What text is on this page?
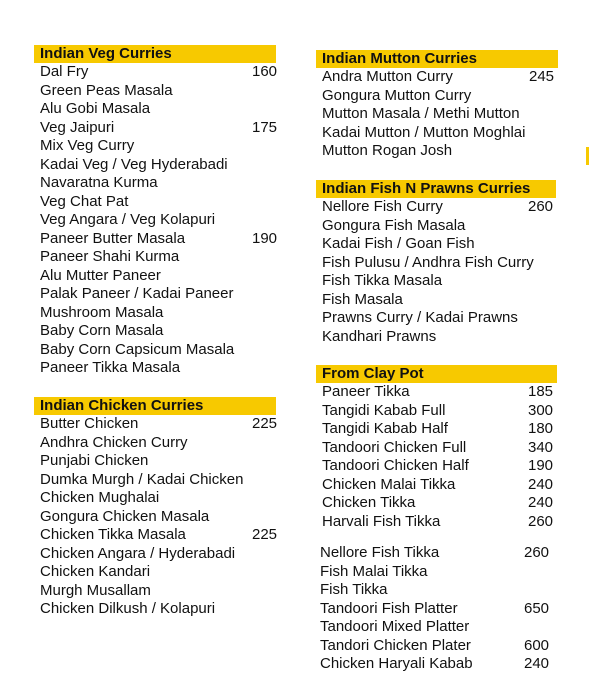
Indian Veg Curries
Dal Fry	160
Green Peas Masala
Alu Gobi Masala
Veg Jaipuri	175
Mix Veg Curry
Kadai Veg / Veg Hyderabadi
Navaratna Kurma
Veg Chat Pat
Veg Angara / Veg Kolapuri
Paneer Butter Masala	190
Paneer Shahi Kurma
Alu Mutter Paneer
Palak Paneer / Kadai Paneer
Mushroom Masala
Baby Corn Masala
Baby Corn Capsicum Masala
Paneer Tikka Masala
Indian Chicken Curries
Butter Chicken	225
Andhra Chicken Curry
Punjabi Chicken
Dumka Murgh / Kadai Chicken
Chicken Mughalai
Gongura Chicken Masala
Chicken Tikka Masala	225
Chicken Angara / Hyderabadi
Chicken Kandari
Murgh Musallam
Chicken Dilkush / Kolapuri
Indian Mutton Curries
Andra Mutton Curry	245
Gongura Mutton Curry
Mutton Masala / Methi Mutton
Kadai Mutton / Mutton Moghlai
Mutton Rogan Josh
Indian Fish N Prawns Curries
Nellore Fish Curry	260
Gongura Fish Masala
Kadai Fish / Goan Fish
Fish Pulusu / Andhra Fish Curry
Fish Tikka Masala
Fish Masala
Prawns Curry / Kadai Prawns
Kandhari Prawns
From Clay Pot
Paneer Tikka	185
Tangidi Kabab Full	300
Tangidi Kabab Half	180
Tandoori Chicken Full	340
Tandoori Chicken Half	190
Chicken Malai Tikka	240
Chicken Tikka	240
Harvali Fish Tikka	260
Nellore Fish Tikka	260
Fish Malai Tikka
Fish Tikka
Tandoori Fish Platter	650
Tandoori Mixed Platter
Tandori Chicken Plater	600
Chicken Haryali Kabab	240
